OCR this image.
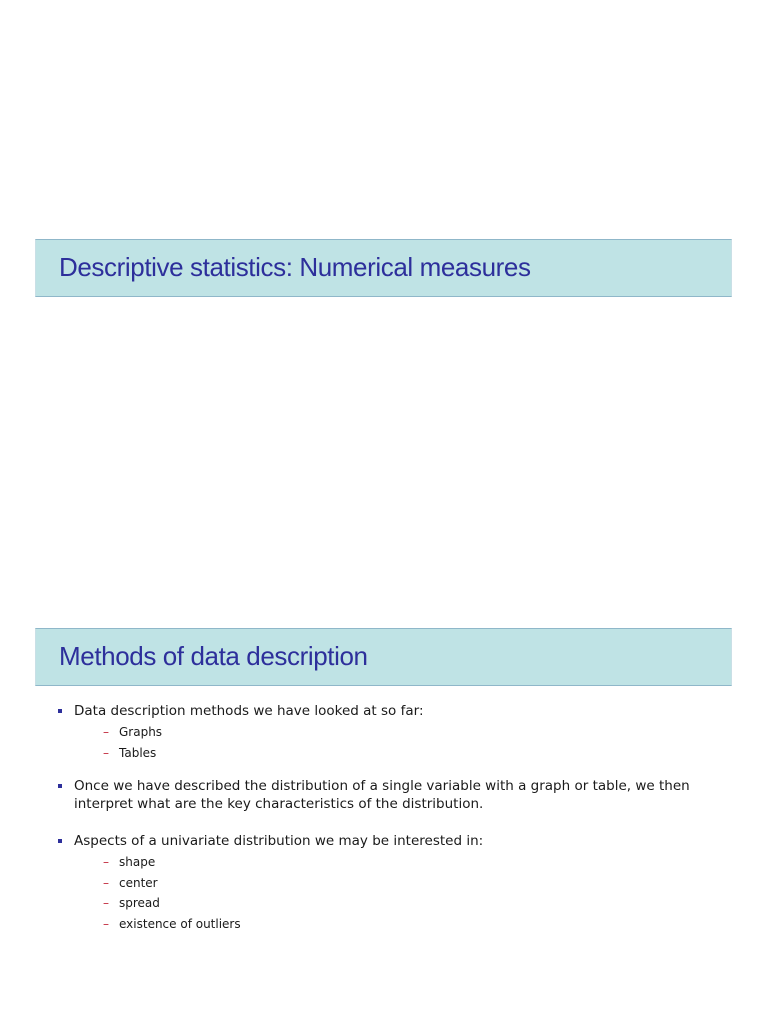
Descriptive statistics: Numerical measures
Methods of data description
Data description methods we have looked at so far:
– Graphs
– Tables
Once we have described the distribution of a single variable with a graph or table, we then interpret what are the key characteristics of the distribution.
Aspects of a univariate distribution we may be interested in:
– shape
– center
– spread
– existence of outliers
